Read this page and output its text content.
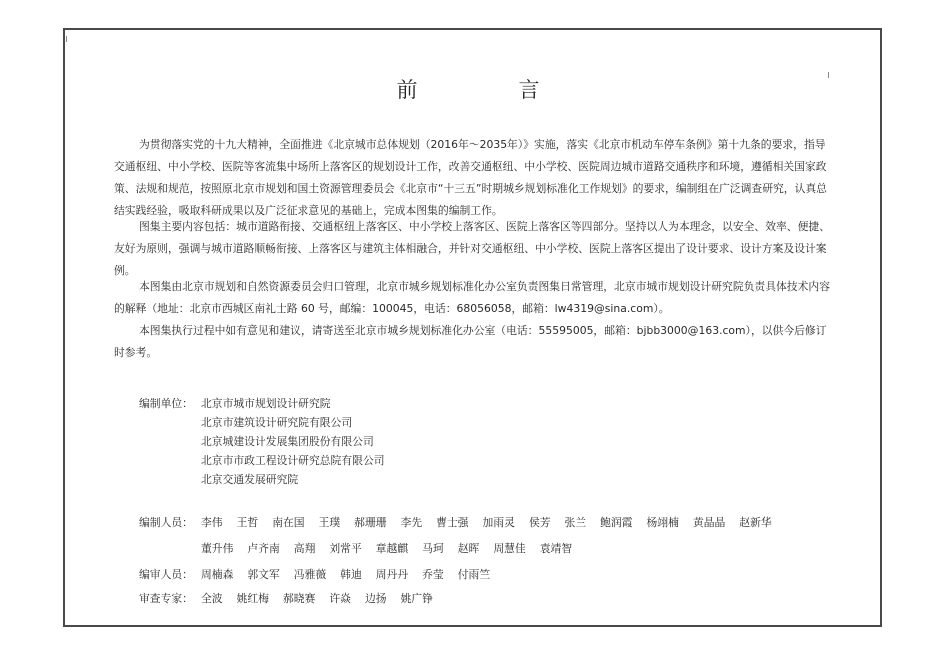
前　言

为贯彻落实党的十九大精神，全面推进《北京城市总体规划（2016年～2035年）》实施，落实《北京市机动车停车条例》第十九条的要求，指导交通枢纽、中小学校、医院等客流集中场所上落客区的规划设计工作，改善交通枢纽、中小学校、医院周边城市道路交通秩序和环境，遵循相关国家政策、法规和规范，按照原北京市规划和国土资源管理委员会《北京市“十三五”时期城乡规划标准化工作规划》的要求，编制组在广泛调查研究，认真总结实践经验，吸取科研成果以及广泛征求意见的基础上，完成本图集的编制工作。

图集主要内容包括：城市道路衔接、交通枢纽上落客区、中小学校上落客区、医院上落客区等四部分。坚持以人为本理念，以安全、效率、便捷、友好为原则，强调与城市道路顺畅衔接、上落客区与建筑主体相融合，并针对交通枢纽、中小学校、医院上落客区提出了设计要求、设计方案及设计案例。

本图集由北京市规划和自然资源委员会归口管理，北京市城乡规划标准化办公室负责图集日常管理，北京市城市规划设计研究院负责具体技术内容的解释（地址：北京市西城区南礼士路 60 号，邮编：100045，电话：68056058，邮箱：lw4319@sina.com）。

本图集执行过程中如有意见和建议，请寄送至北京市城乡规划标准化办公室（电话：55595005，邮箱：bjbb3000@163.com），以供今后修订时参考。

编制单位： 北京市城市规划设计研究院
北京市建筑设计研究院有限公司
北京城建设计发展集团股份有限公司
北京市市政工程设计研究总院有限公司
北京交通发展研究院
编制人员： 李伟 王哲 南在国 王璞 郝珊珊 李先 曹士强 加雨灵 侯芳 张兰 鲍润霞 杨翊楠 黄晶晶 赵新华
董升伟 卢齐南 高翔 刘常平 章越麒 马珂 赵晖 周慧佳 袁靖智
编审人员： 周楠森 郭文军 冯雅薇 韩迪 周丹丹 乔莹 付雨竺
审查专家： 全波 姚红梅 郝晓赛 许焱 边扬 姚广铮
